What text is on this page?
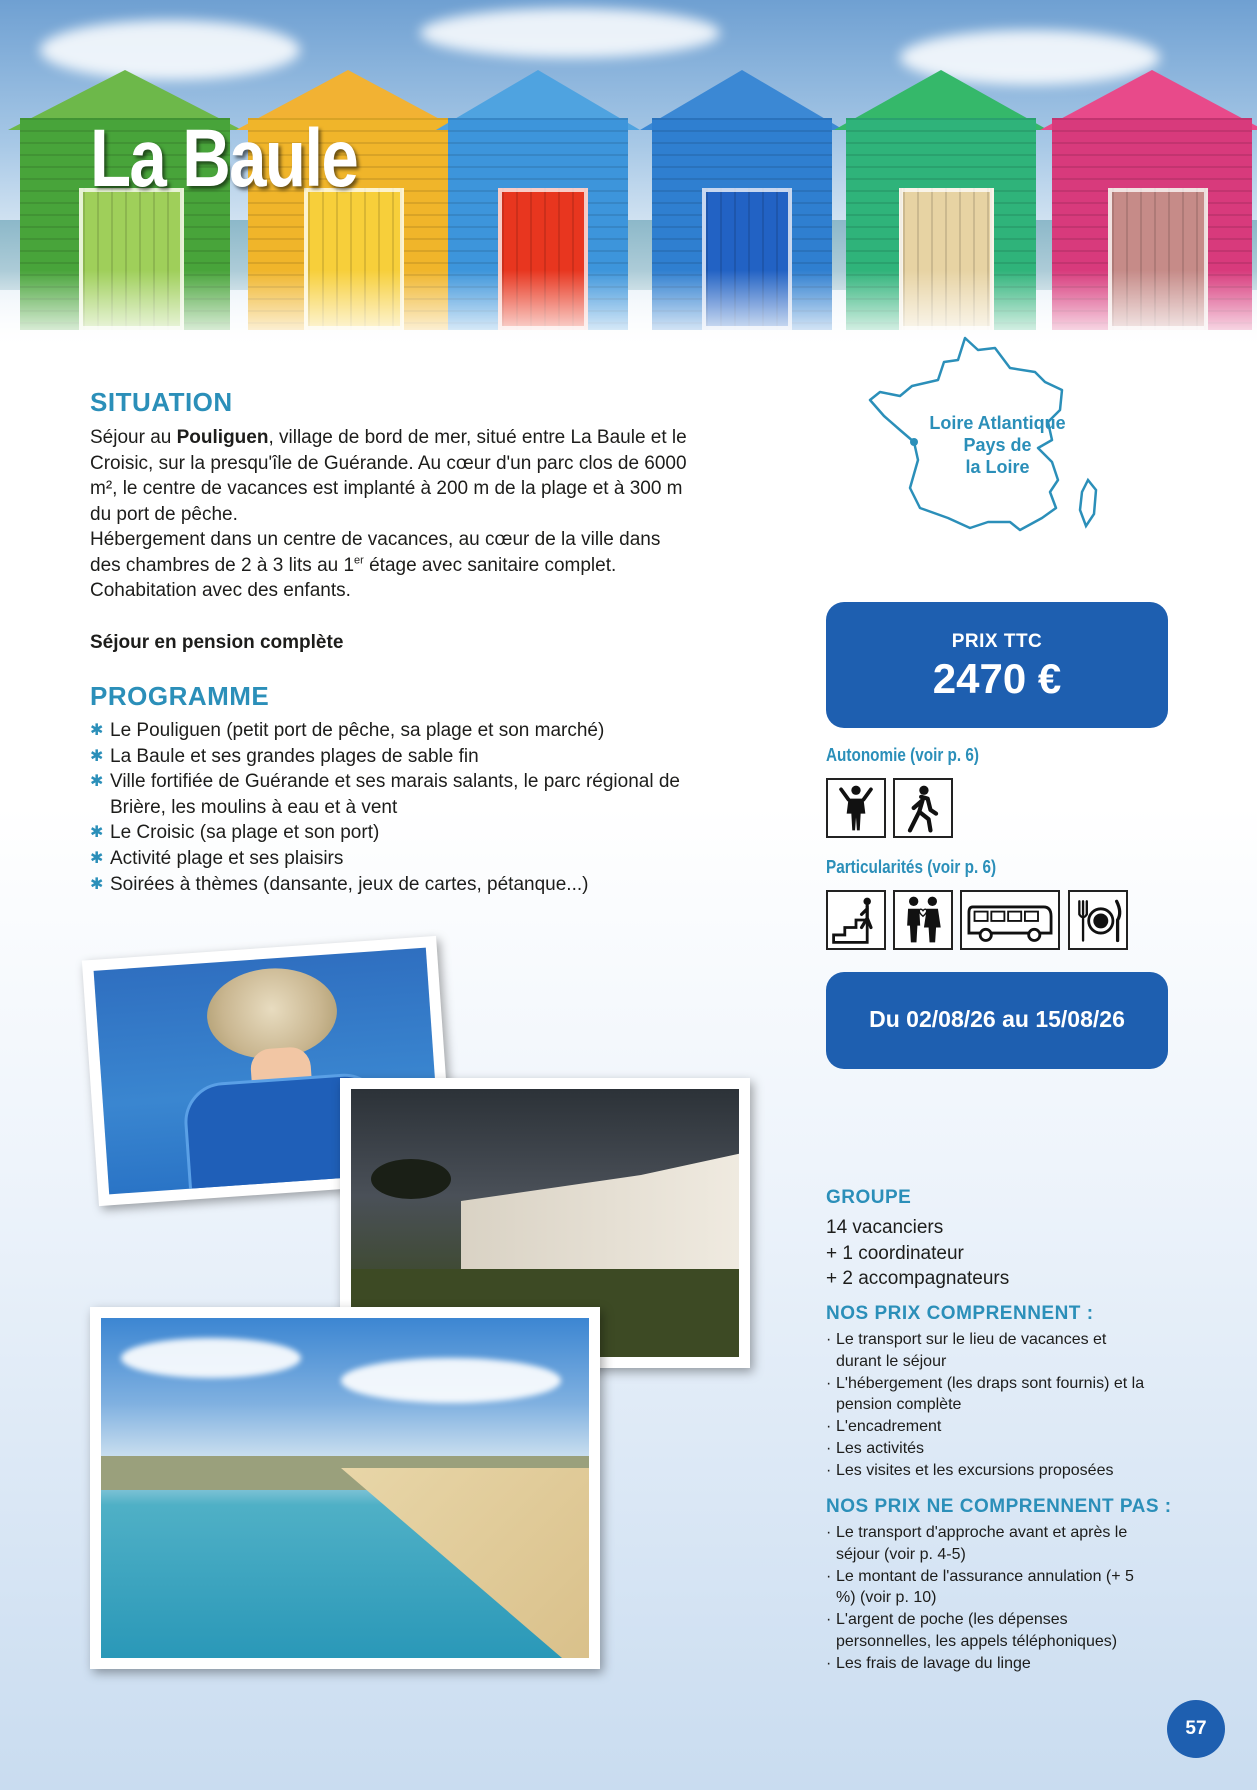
La Baule
SITUATION

Séjour au Pouliguen, village de bord de mer, situé entre La Baule et le Croisic, sur la presqu'île de Guérande. Au cœur d'un parc clos de 6000 m², le centre de vacances est implanté à 200 m de la plage et à 300 m du port de pêche.

Hébergement dans un centre de vacances, au cœur de la ville dans des chambres de 2 à 3 lits au 1er étage avec sanitaire complet. Cohabitation avec des enfants.

Séjour en pension complète

PROGRAMME
✱ Le Pouliguen (petit port de pêche, sa plage et son marché)
✱ La Baule et ses grandes plages de sable fin
✱ Ville fortifiée de Guérande et ses marais salants, le parc régional de Brière, les moulins à eau et à vent
✱ Le Croisic (sa plage et son port)
✱ Activité plage et ses plaisirs
✱ Soirées à thèmes (dansante, jeux de cartes, pétanque...)
Loire Atlantique
Pays de
la Loire
PRIX TTC
2470 €
Autonomie (voir p. 6)
Particularités (voir p. 6)
Du 02/08/26 au 15/08/26
GROUPE
14 vacanciers
+ 1 coordinateur
+ 2 accompagnateurs
NOS PRIX COMPRENNENT :
· Le transport sur le lieu de vacances et durant le séjour
· L'hébergement (les draps sont fournis) et la pension complète
· L'encadrement
· Les activités
· Les visites et les excursions proposées
NOS PRIX NE COMPRENNENT PAS :
· Le transport d'approche avant et après le séjour (voir p. 4-5)
· Le montant de l'assurance annulation (+ 5 %) (voir p. 10)
· L'argent de poche (les dépenses personnelles, les appels téléphoniques)
· Les frais de lavage du linge
57
